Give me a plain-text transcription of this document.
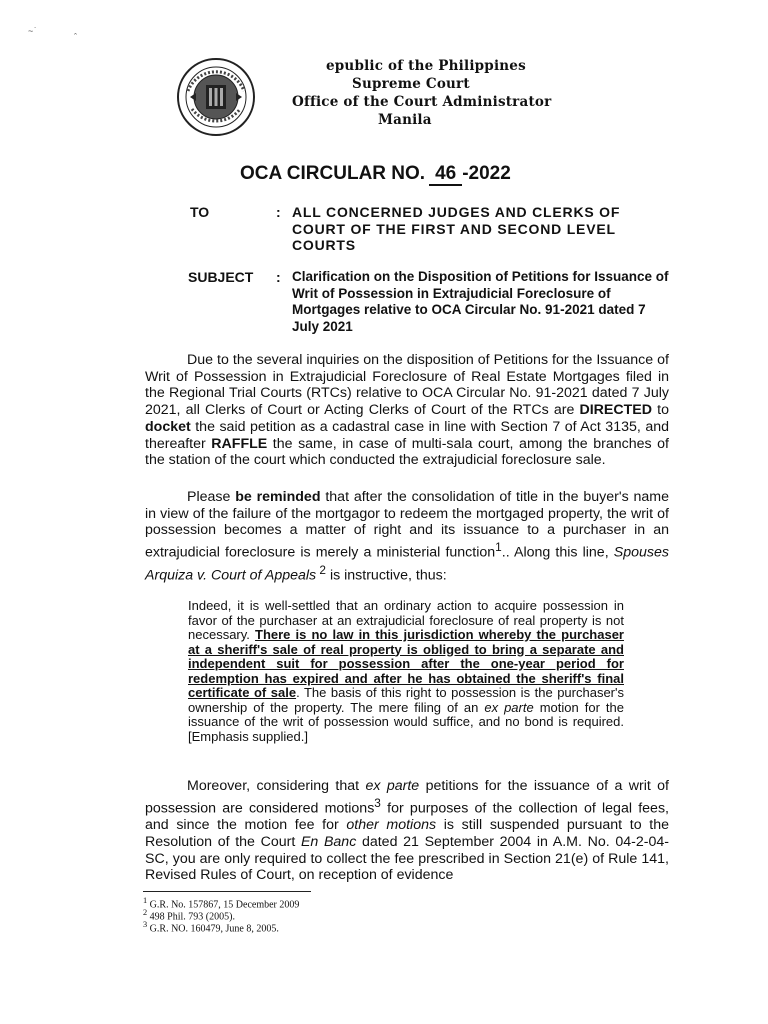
~ ˙
ˆ
epublic of the Philippines
Supreme Court
Office of the Court Administrator
Manila
OCA CIRCULAR NO. 46 -2022
TO	: ALL CONCERNED JUDGES AND CLERKS OF COURT OF THE FIRST AND SECOND LEVEL COURTS
SUBJECT : Clarification on the Disposition of Petitions for Issuance of Writ of Possession in Extrajudicial Foreclosure of Mortgages relative to OCA Circular No. 91-2021 dated 7 July 2021
Due to the several inquiries on the disposition of Petitions for the Issuance of Writ of Possession in Extrajudicial Foreclosure of Real Estate Mortgages filed in the Regional Trial Courts (RTCs) relative to OCA Circular No. 91-2021 dated 7 July 2021, all Clerks of Court or Acting Clerks of Court of the RTCs are DIRECTED to docket the said petition as a cadastral case in line with Section 7 of Act 3135, and thereafter RAFFLE the same, in case of multi-sala court, among the branches of the station of the court which conducted the extrajudicial foreclosure sale.
Please be reminded that after the consolidation of title in the buyer's name in view of the failure of the mortgagor to redeem the mortgaged property, the writ of possession becomes a matter of right and its issuance to a purchaser in an extrajudicial foreclosure is merely a ministerial function$^1$.. Along this line, Spouses Arquiza v. Court of Appeals $^2$ is instructive, thus:
Indeed, it is well-settled that an ordinary action to acquire possession in favor of the purchaser at an extrajudicial foreclosure of real property is not necessary. There is no law in this jurisdiction whereby the purchaser at a sheriff's sale of real property is obliged to bring a separate and independent suit for possession after the one-year period for redemption has expired and after he has obtained the sheriff's final certificate of sale. The basis of this right to possession is the purchaser's ownership of the property. The mere filing of an ex parte motion for the issuance of the writ of possession would suffice, and no bond is required. [Emphasis supplied.]
Moreover, considering that ex parte petitions for the issuance of a writ of possession are considered motions$^3$ for purposes of the collection of legal fees, and since the motion fee for other motions is still suspended pursuant to the Resolution of the Court En Banc dated 21 September 2004 in A.M. No. 04-2-04-SC, you are only required to collect the fee prescribed in Section 21(e) of Rule 141, Revised Rules of Court, on reception of evidence
$^1$ G.R. No. 157867, 15 December 2009
$^2$ 498 Phil. 793 (2005).
$^3$ G.R. NO. 160479, June 8, 2005.
